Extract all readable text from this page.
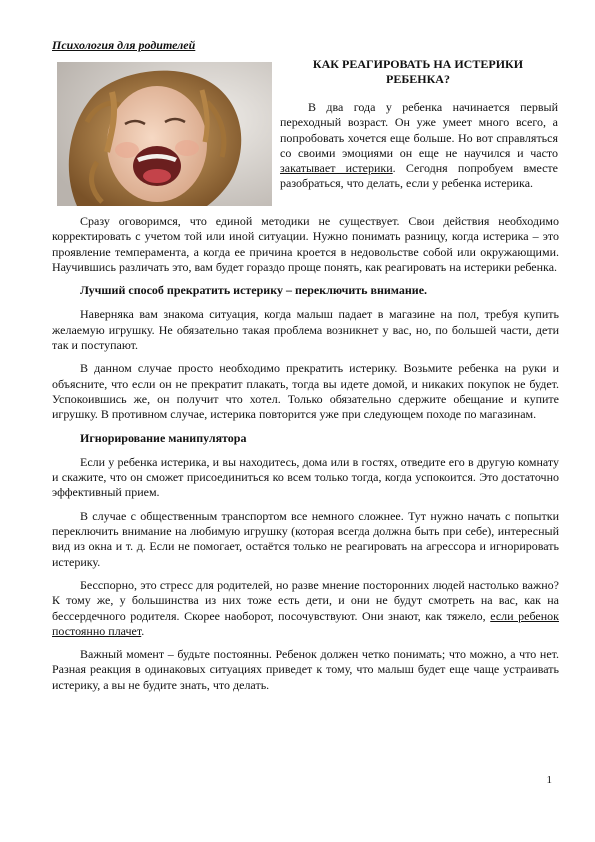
Психология для родителей
КАК РЕАГИРОВАТЬ НА ИСТЕРИКИ РЕБЕНКА?

В два года у ребенка начинается первый переходный возраст. Он уже умеет много всего, а попробовать хочется еще больше. Но вот справляться со своими эмоциями он еще не научился и часто закатывает истерики. Сегодня попробуем вместе разобраться, что делать, если у ребенка истерика.

Сразу оговоримся, что единой методики не существует. Свои действия необходимо корректировать с учетом той или иной ситуации. Нужно понимать разницу, когда истерика – это проявление темперамента, а когда ее причина кроется в недовольстве собой или окружающими. Научившись различать это, вам будет гораздо проще понять, как реагировать на истерики ребенка.

Лучший способ прекратить истерику – переключить внимание.

Наверняка вам знакома ситуация, когда малыш падает в магазине на пол, требуя купить желаемую игрушку. Не обязательно такая проблема возникнет у вас, но, по большей части, дети так и поступают.

В данном случае просто необходимо прекратить истерику. Возьмите ребенка на руки и объясните, что если он не прекратит плакать, тогда вы идете домой, и никаких покупок не будет. Успокоившись же, он получит что хотел. Только обязательно сдержите обещание и купите игрушку. В противном случае, истерика повторится уже при следующем походе по магазинам.

Игнорирование манипулятора

Если у ребенка истерика, и вы находитесь, дома или в гостях, отведите его в другую комнату и скажите, что он сможет присоединиться ко всем только тогда, когда успокоится. Это достаточно эффективный прием.

В случае с общественным транспортом все немного сложнее. Тут нужно начать с попытки переключить внимание на любимую игрушку (которая всегда должна быть при себе), интересный вид из окна и т. д. Если не помогает, остаётся только не реагировать на агрессора и игнорировать истерику.

Бесспорно, это стресс для родителей, но разве мнение посторонних людей настолько важно? К тому же, у большинства из них тоже есть дети, и они не будут смотреть на вас, как на бессердечного родителя. Скорее наоборот, посочувствуют. Они знают, как тяжело, если ребенок постоянно плачет.

Важный момент – будьте постоянны. Ребенок должен четко понимать; что можно, а что нет. Разная реакция в одинаковых ситуациях приведет к тому, что малыш будет еще чаще устраивать истерику, а вы не будите знать, что делать.

1
